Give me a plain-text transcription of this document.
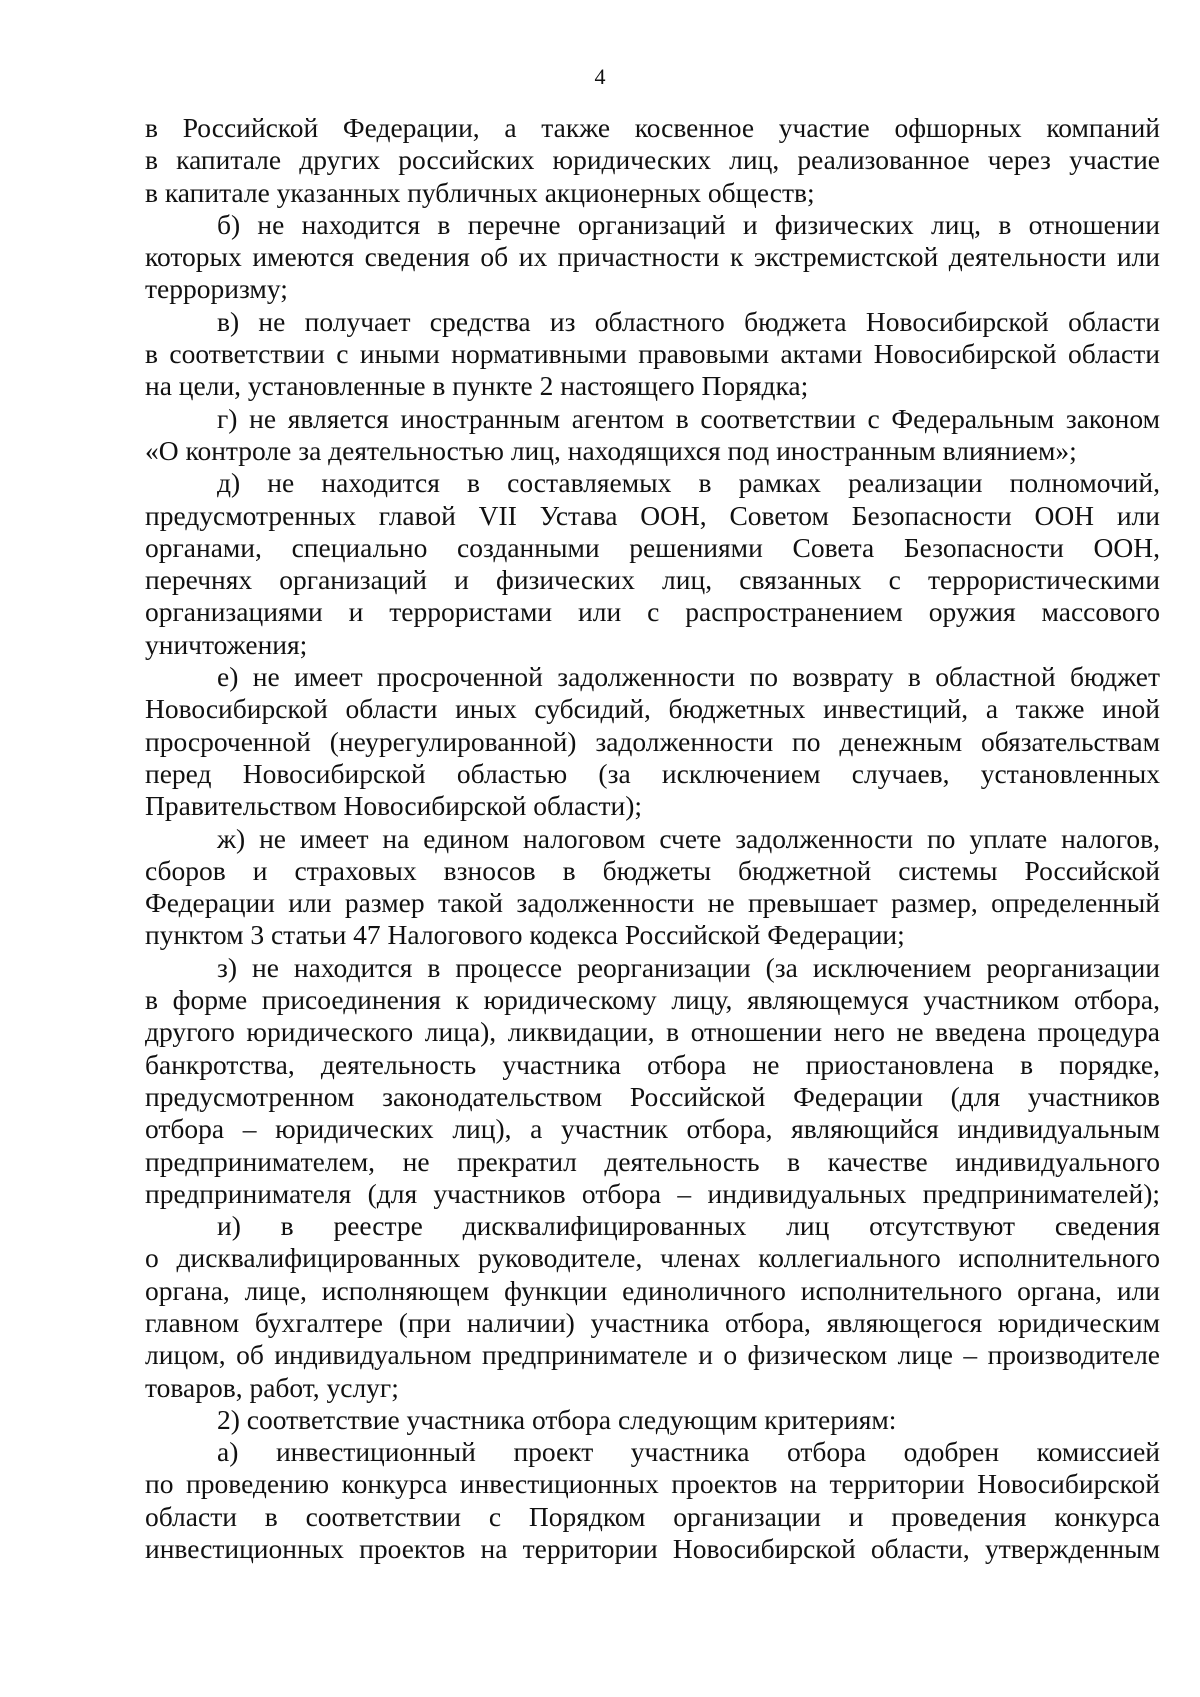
4
в Российской Федерации, а также косвенное участие офшорных компаний
в капитале других российских юридических лиц, реализованное через участие
в капитале указанных публичных акционерных обществ;
б) не находится в перечне организаций и физических лиц, в отношении
которых имеются сведения об их причастности к экстремистской деятельности или
терроризму;
в) не получает средства из областного бюджета Новосибирской области
в соответствии с иными нормативными правовыми актами Новосибирской области
на цели, установленные в пункте 2 настоящего Порядка;
г) не является иностранным агентом в соответствии с Федеральным законом
«О контроле за деятельностью лиц, находящихся под иностранным влиянием»;
д) не находится в составляемых в рамках реализации полномочий,
предусмотренных главой VII Устава ООН, Советом Безопасности ООН или
органами, специально созданными решениями Совета Безопасности ООН,
перечнях организаций и физических лиц, связанных с террористическими
организациями и террористами или с распространением оружия массового
уничтожения;
е) не имеет просроченной задолженности по возврату в областной бюджет
Новосибирской области иных субсидий, бюджетных инвестиций, а также иной
просроченной (неурегулированной) задолженности по денежным обязательствам
перед Новосибирской областью (за исключением случаев, установленных
Правительством Новосибирской области);
ж) не имеет на едином налоговом счете задолженности по уплате налогов,
сборов и страховых взносов в бюджеты бюджетной системы Российской
Федерации или размер такой задолженности не превышает размер, определенный
пунктом 3 статьи 47 Налогового кодекса Российской Федерации;
з) не находится в процессе реорганизации (за исключением реорганизации
в форме присоединения к юридическому лицу, являющемуся участником отбора,
другого юридического лица), ликвидации, в отношении него не введена процедура
банкротства, деятельность участника отбора не приостановлена в порядке,
предусмотренном законодательством Российской Федерации (для участников
отбора – юридических лиц), а участник отбора, являющийся индивидуальным
предпринимателем, не прекратил деятельность в качестве индивидуального
предпринимателя (для участников отбора – индивидуальных предпринимателей);
и) в реестре дисквалифицированных лиц отсутствуют сведения
о дисквалифицированных руководителе, членах коллегиального исполнительного
органа, лице, исполняющем функции единоличного исполнительного органа, или
главном бухгалтере (при наличии) участника отбора, являющегося юридическим
лицом, об индивидуальном предпринимателе и о физическом лице – производителе
товаров, работ, услуг;
2) соответствие участника отбора следующим критериям:
а) инвестиционный проект участника отбора одобрен комиссией
по проведению конкурса инвестиционных проектов на территории Новосибирской
области в соответствии с Порядком организации и проведения конкурса
инвестиционных проектов на территории Новосибирской области, утвержденным
